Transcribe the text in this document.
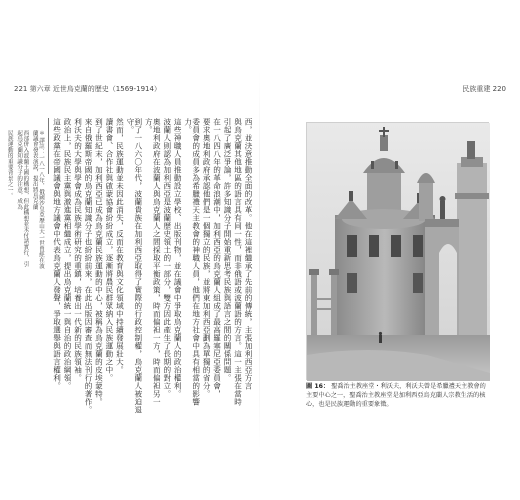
221 第六章 近世烏克蘭的歷史（1569-1914）	民族重建 220
＊ 譯註：一八一八年，俄國沙皇亞歷山大一世曾經在波蘭議會發表演說，提出將烏克蘭
西部併入波蘭王國的構想，但此構想並未付諸實行，引起烏克蘭知識分子的注意，成為
民族運動的重要背景之一。	西，並決意推動全面的改革。他在這裡繼承了先前的傳統，主張加利西亞方言
與烏克蘭其他地區的語言具有同一性，而非俄語或波蘭語的方言。這一主張在當時
引起了廣泛爭論，許多知識分子開始重新思考民族與語言之間的關係問題。
在一八四八年的革命浪潮中，加利西亞的烏克蘭人組成了最高羅塞尼亞委員會，
要求奧地利政府承認他們是一個獨立的民族，並將東加利西亞劃為單獨的省分。
委員會的成員多為希臘禮天主教會的神職人員，他們在地方社會中具有相當的影響力。
這些神職人員推動設立學校、出版刊物，並在議會中爭取烏克蘭人的政治權利。
波蘭人則認為加利西亞是波蘭歷史領土的一部分，雙方因此產生了長期的對立。
奧地利政府在波蘭人與烏克蘭人之間採取平衡政策，時而偏袒一方，時而偏袒另一方。
到了一八六〇年代，波蘭貴族在加利西亞取得了實際的行政控制權，烏克蘭人被迫退守。
然而，民族運動並未因此消失，反而在教育與文化領域中持續發展壯大。
讀書會、合作社與啟蒙協會紛紛成立，逐漸將農民群眾納入民族運動之中。
到了世紀末，加利西亞已成為烏克蘭民族運動的中心，被稱為烏克蘭的皮埃蒙特。
來自俄羅斯帝國的烏克蘭知識分子也紛紛前來，在此出版因審查而無法刊行的著作。
利沃夫的大學與學會成為民族學術研究的重鎮，培養出一代新的民族領袖。
政治上，民族民主黨與激進黨相繼成立，提出烏克蘭統一與自治的政治綱領。
這些政黨在帝國議會與地方議會中代表烏克蘭人發聲，爭取選舉與語言權利。	圖 16： 聖喬治主教座堂・利沃夫，利沃夫曾是希臘禮天主教會的主要中心之一，聖喬治主教座堂是加利西亞烏克蘭人宗教生活的核心，也是民族運動的重要象徵。
